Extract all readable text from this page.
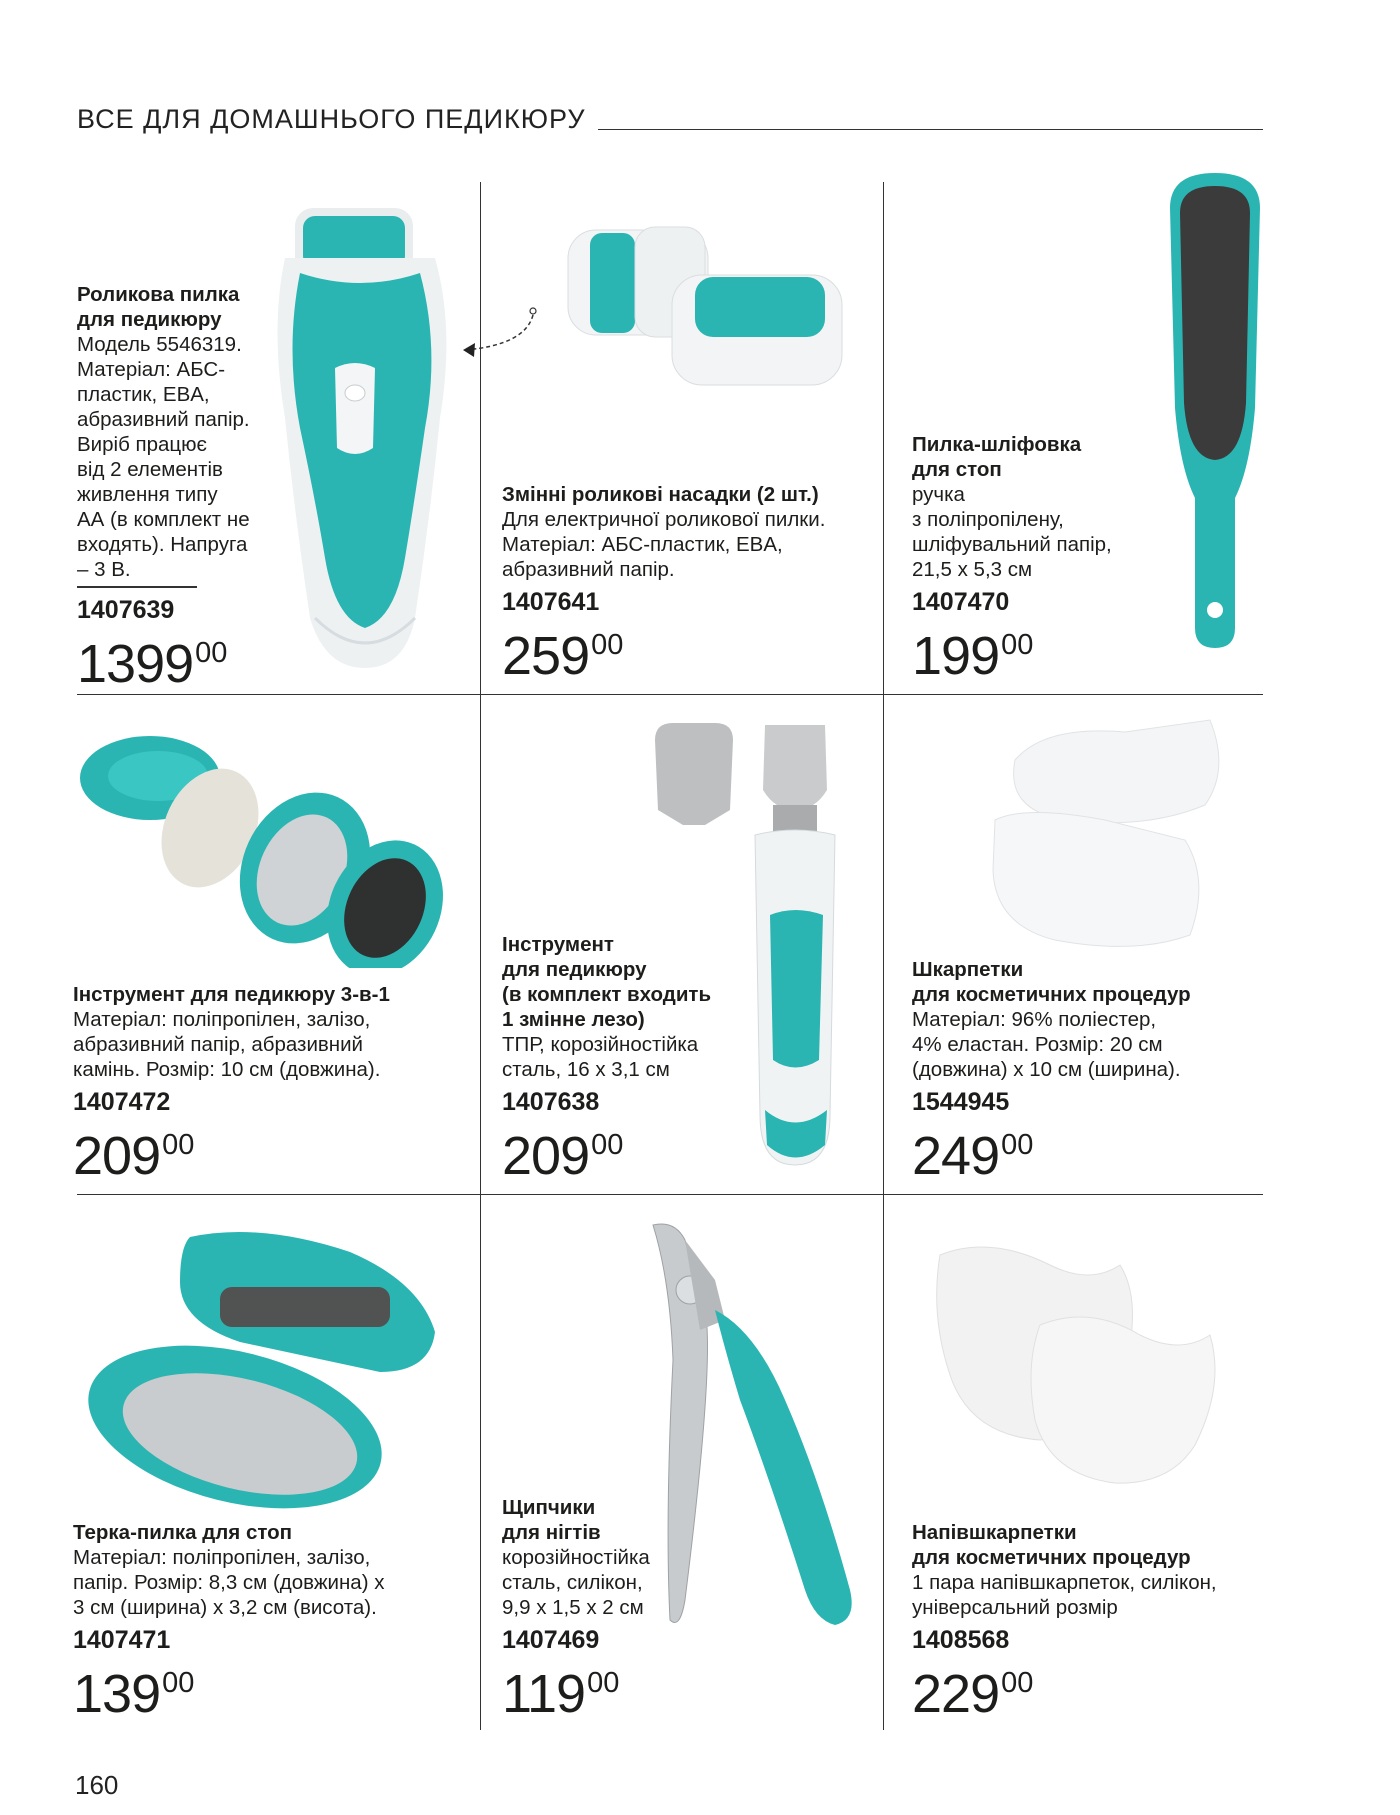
ВСЕ ДЛЯ ДОМАШНЬОГО ПЕДИКЮРУ

Роликова пилка
для педикюру

Модель 5546319.
Матеріал: АБС-
пластик, EBA,
абразивний папір.
Виріб працює
від 2 елементів
живлення типу
АА (в комплект не
входять). Напруга
– 3 В.

1407639
139900

Змінні роликові насадки (2 шт.)

Для електричної роликової пилки.
Матеріал: АБС-пластик, EBA,
абразивний папір.

1407641
25900

Пилка-шліфовка
для стоп

ручка
з поліпропілену,
шліфувальний папір,
21,5 х 5,3 см

1407470
19900

Інструмент для педикюру 3-в-1

Матеріал: поліпропілен, залізо,
абразивний папір, абразивний
камінь. Розмір: 10 см (довжина).

1407472
20900

Інструмент
для педикюру
(в комплект входить
1 змінне лезо)

ТПР, корозійностійка
сталь, 16 х 3,1 см

1407638
20900

Шкарпетки
для косметичних процедур

Матеріал: 96% поліестер,
4% еластан. Розмір: 20 см
(довжина) х 10 см (ширина).

1544945
24900

Терка-пилка для стоп

Матеріал: поліпропілен, залізо,
папір. Розмір: 8,3 см (довжина) х
3 см (ширина) х 3,2 см (висота).

1407471
13900

Щипчики
для нігтів

корозійностійка
сталь, силікон,
9,9 х 1,5 х 2 см

1407469
11900

Напівшкарпетки
для косметичних процедур

1 пара напівшкарпеток, силікон,
універсальний розмір

1408568
22900
160
